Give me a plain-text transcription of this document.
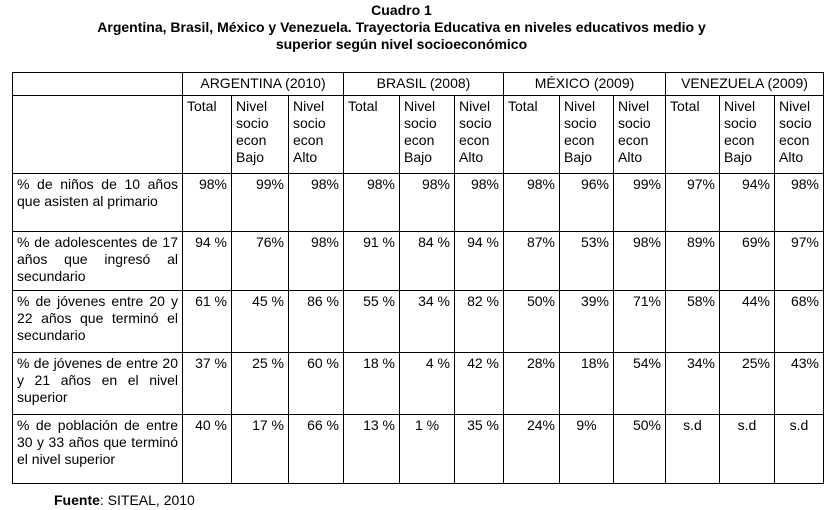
Cuadro 1
Argentina, Brasil, México y Venezuela. Trayectoria Educativa en niveles educativos medio y
superior según nivel socioeconómico
	ARGENTINA (2010)			BRASIL (2008)			MÉXICO (2009)			VENEZUELA (2009)		
	Total	Nivel socio econ Bajo	Nivel socio econ Alto	Total	Nivel socio econ Bajo	Nivel socio econ Alto	Total	Nivel socio econ Bajo	Nivel socio econ Alto	Total	Nivel socio econ Bajo	Nivel socio econ Alto
% de niños de 10 años que asisten al primario	98%	99%	98%	98%	98%	98%	98%	96%	99%	97%	94%	98%
% de adolescentes de 17 años que ingresó al secundario	94 %	76%	98%	91 %	84 %	94 %	87%	53%	98%	89%	69%	97%
% de jóvenes entre 20 y 22 años que terminó el secundario	61 %	45 %	86 %	55 %	34 %	82 %	50%	39%	71%	58%	44%	68%
% de jóvenes de entre 20 y 21 años en el nivel superior	37 %	25 %	60 %	18 %	4 %	42 %	28%	18%	54%	34%	25%	43%
% de población de entre 30 y 33 años que terminó el nivel superior	40 %	17 %	66 %	13 %	1 %	35 %	24%	9%	50%	s.d	s.d	s.d
Fuente: SITEAL, 2010
